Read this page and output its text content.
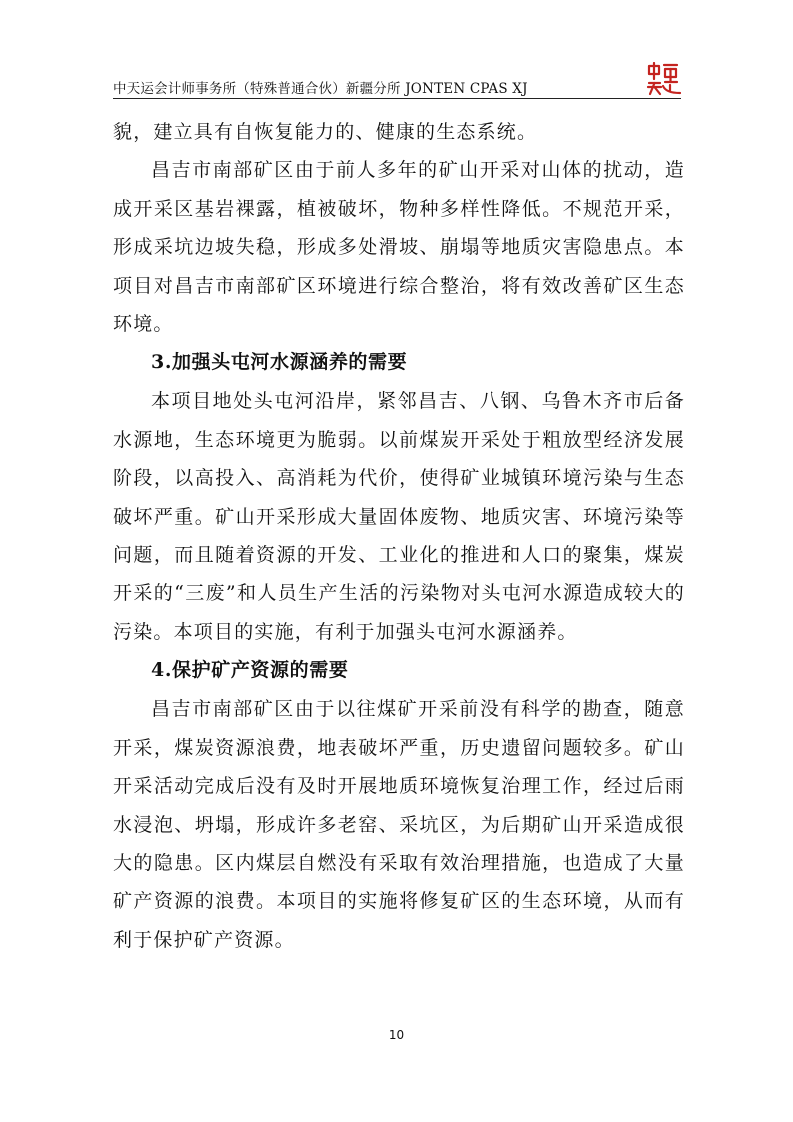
中天运会计师事务所（特殊普通合伙）新疆分所 JONTEN CPAS XJ

貌，建立具有自恢复能力的、健康的生态系统。

昌吉市南部矿区由于前人多年的矿山开采对山体的扰动，造成开采区基岩裸露，植被破坏，物种多样性降低。不规范开采，形成采坑边坡失稳，形成多处滑坡、崩塌等地质灾害隐患点。本项目对昌吉市南部矿区环境进行综合整治，将有效改善矿区生态环境。

3.加强头屯河水源涵养的需要

本项目地处头屯河沿岸，紧邻昌吉、八钢、乌鲁木齐市后备水源地，生态环境更为脆弱。以前煤炭开采处于粗放型经济发展阶段，以高投入、高消耗为代价，使得矿业城镇环境污染与生态破坏严重。矿山开采形成大量固体废物、地质灾害、环境污染等问题，而且随着资源的开发、工业化的推进和人口的聚集，煤炭开采的“三废”和人员生产生活的污染物对头屯河水源造成较大的污染。本项目的实施，有利于加强头屯河水源涵养。

4.保护矿产资源的需要

昌吉市南部矿区由于以往煤矿开采前没有科学的勘查，随意开采，煤炭资源浪费，地表破坏严重，历史遗留问题较多。矿山开采活动完成后没有及时开展地质环境恢复治理工作，经过后雨水浸泡、坍塌，形成许多老窑、采坑区，为后期矿山开采造成很大的隐患。区内煤层自燃没有采取有效治理措施，也造成了大量矿产资源的浪费。本项目的实施将修复矿区的生态环境，从而有利于保护矿产资源。

10
